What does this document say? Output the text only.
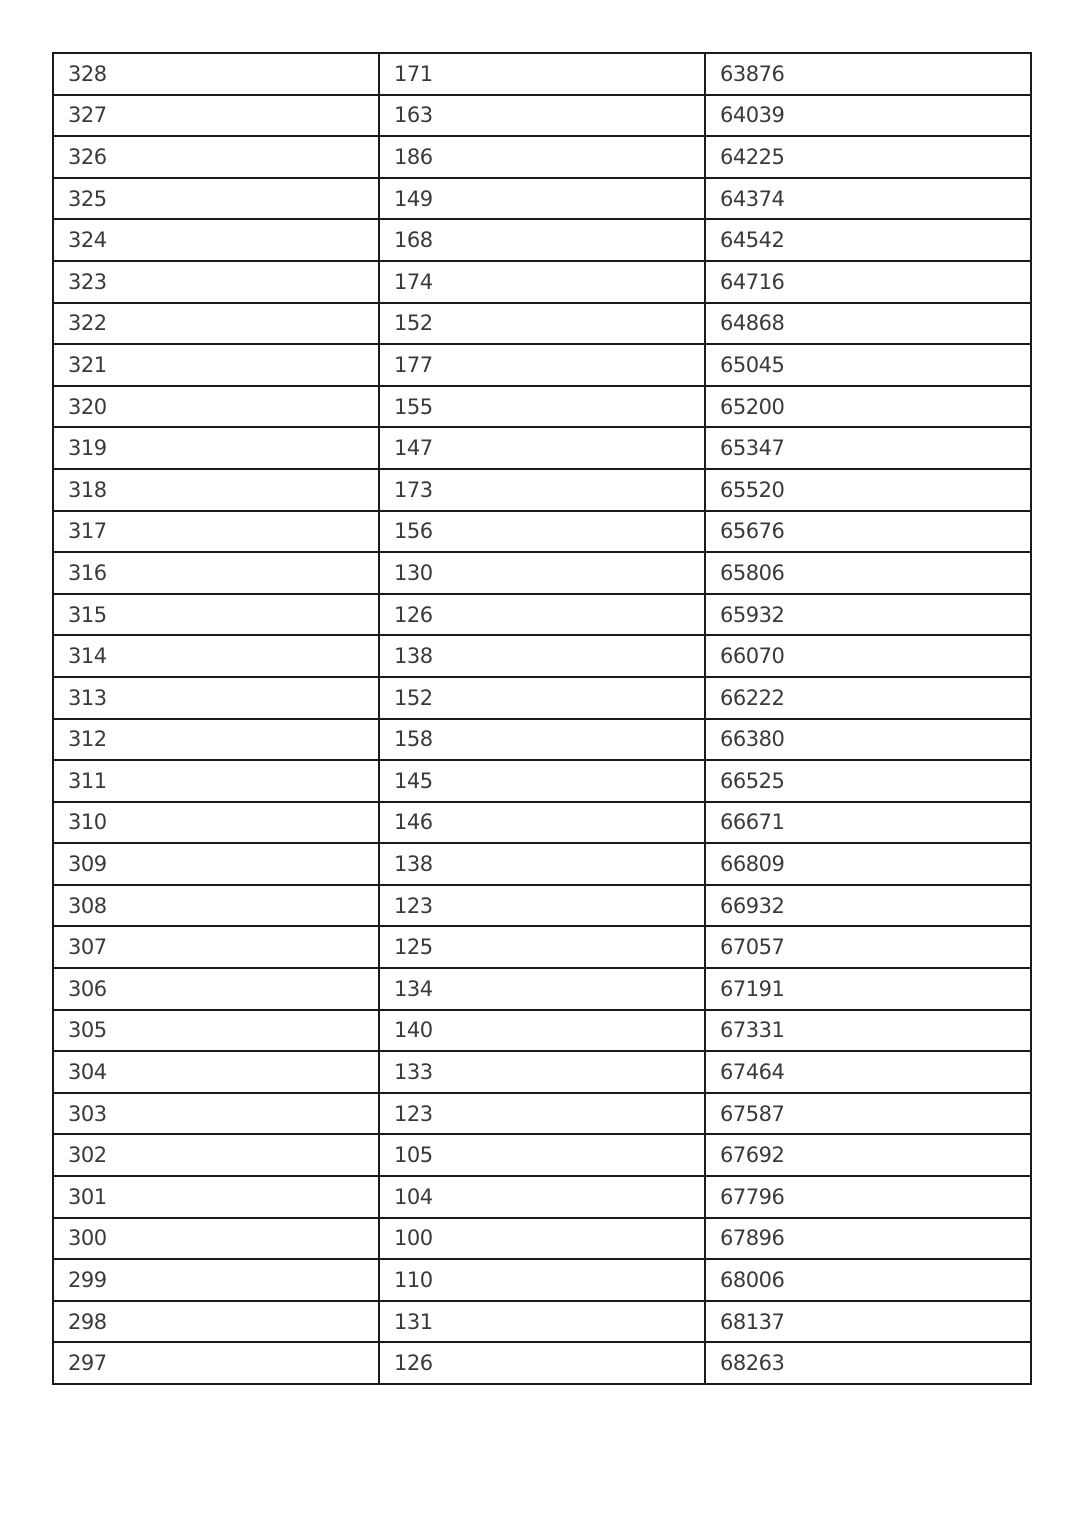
328	171	63876
327	163	64039
326	186	64225
325	149	64374
324	168	64542
323	174	64716
322	152	64868
321	177	65045
320	155	65200
319	147	65347
318	173	65520
317	156	65676
316	130	65806
315	126	65932
314	138	66070
313	152	66222
312	158	66380
311	145	66525
310	146	66671
309	138	66809
308	123	66932
307	125	67057
306	134	67191
305	140	67331
304	133	67464
303	123	67587
302	105	67692
301	104	67796
300	100	67896
299	110	68006
298	131	68137
297	126	68263
